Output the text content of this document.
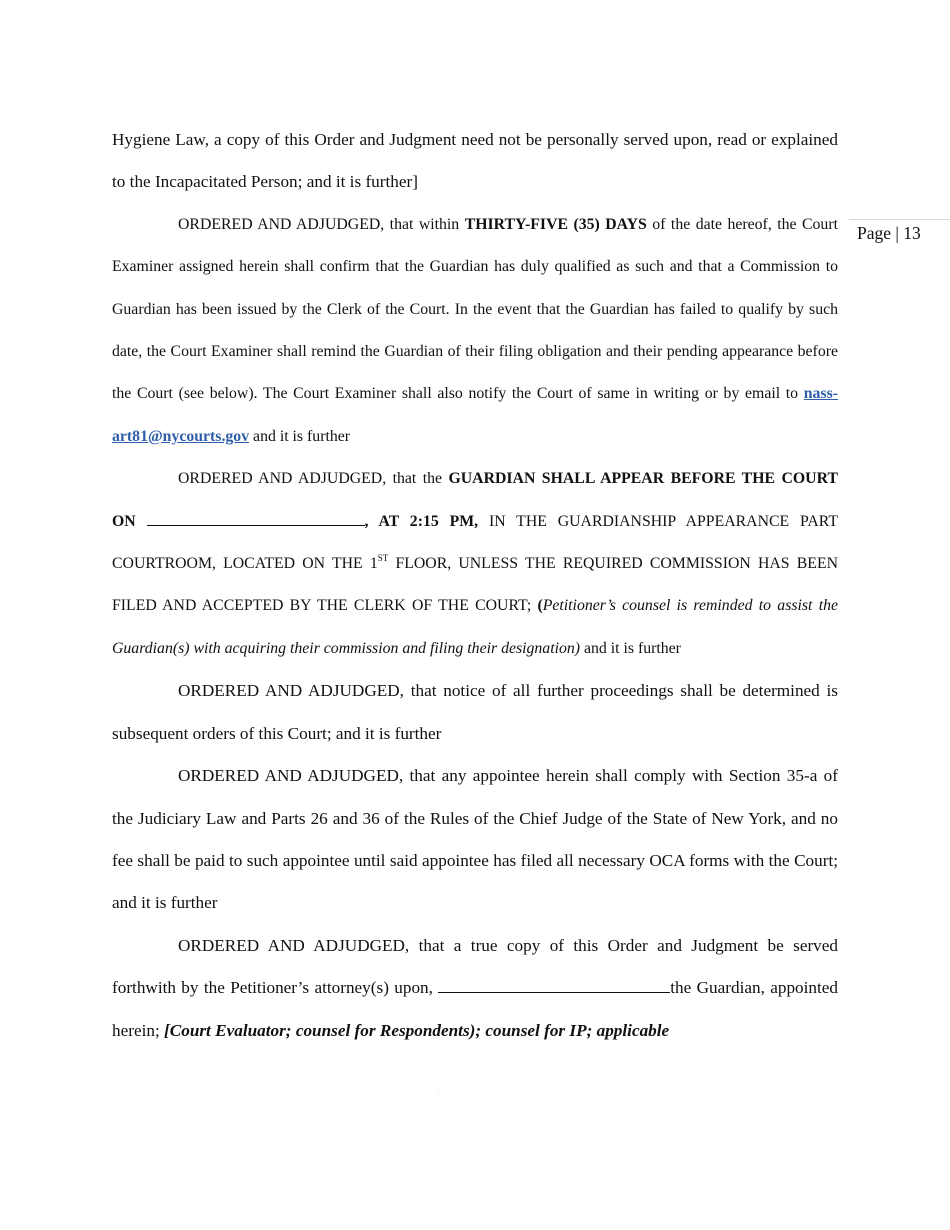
Page | 13

Hygiene Law, a copy of this Order and Judgment need not be personally served upon, read or explained to the Incapacitated Person; and it is further]

ORDERED AND ADJUDGED, that within THIRTY-FIVE (35) DAYS of the date hereof, the Court Examiner assigned herein shall confirm that the Guardian has duly qualified as such and that a Commission to Guardian has been issued by the Clerk of the Court. In the event that the Guardian has failed to qualify by such date, the Court Examiner shall remind the Guardian of their filing obligation and their pending appearance before the Court (see below). The Court Examiner shall also notify the Court of same in writing or by email to nass-art81@nycourts.gov and it is further

ORDERED AND ADJUDGED, that the GUARDIAN SHALL APPEAR BEFORE THE COURT ON	, AT 2:15 PM, IN THE GUARDIANSHIP APPEARANCE PART COURTROOM, LOCATED ON THE 1ST FLOOR, UNLESS THE REQUIRED COMMISSION HAS BEEN FILED AND ACCEPTED BY THE CLERK OF THE COURT; (Petitioner’s counsel is reminded to assist the Guardian(s) with acquiring their commission and filing their designation) and it is further

ORDERED AND ADJUDGED, that notice of all further proceedings shall be determined is subsequent orders of this Court; and it is further

ORDERED AND ADJUDGED, that any appointee herein shall comply with Section 35-a of the Judiciary Law and Parts 26 and 36 of the Rules of the Chief Judge of the State of New York, and no fee shall be paid to such appointee until said appointee has filed all necessary OCA forms with the Court; and it is further

ORDERED AND ADJUDGED, that a true copy of this Order and Judgment be served forthwith by the Petitioner’s attorney(s) upon,	the Guardian, appointed herein; [Court Evaluator; counsel for Respondents); counsel for IP; applicable

·
